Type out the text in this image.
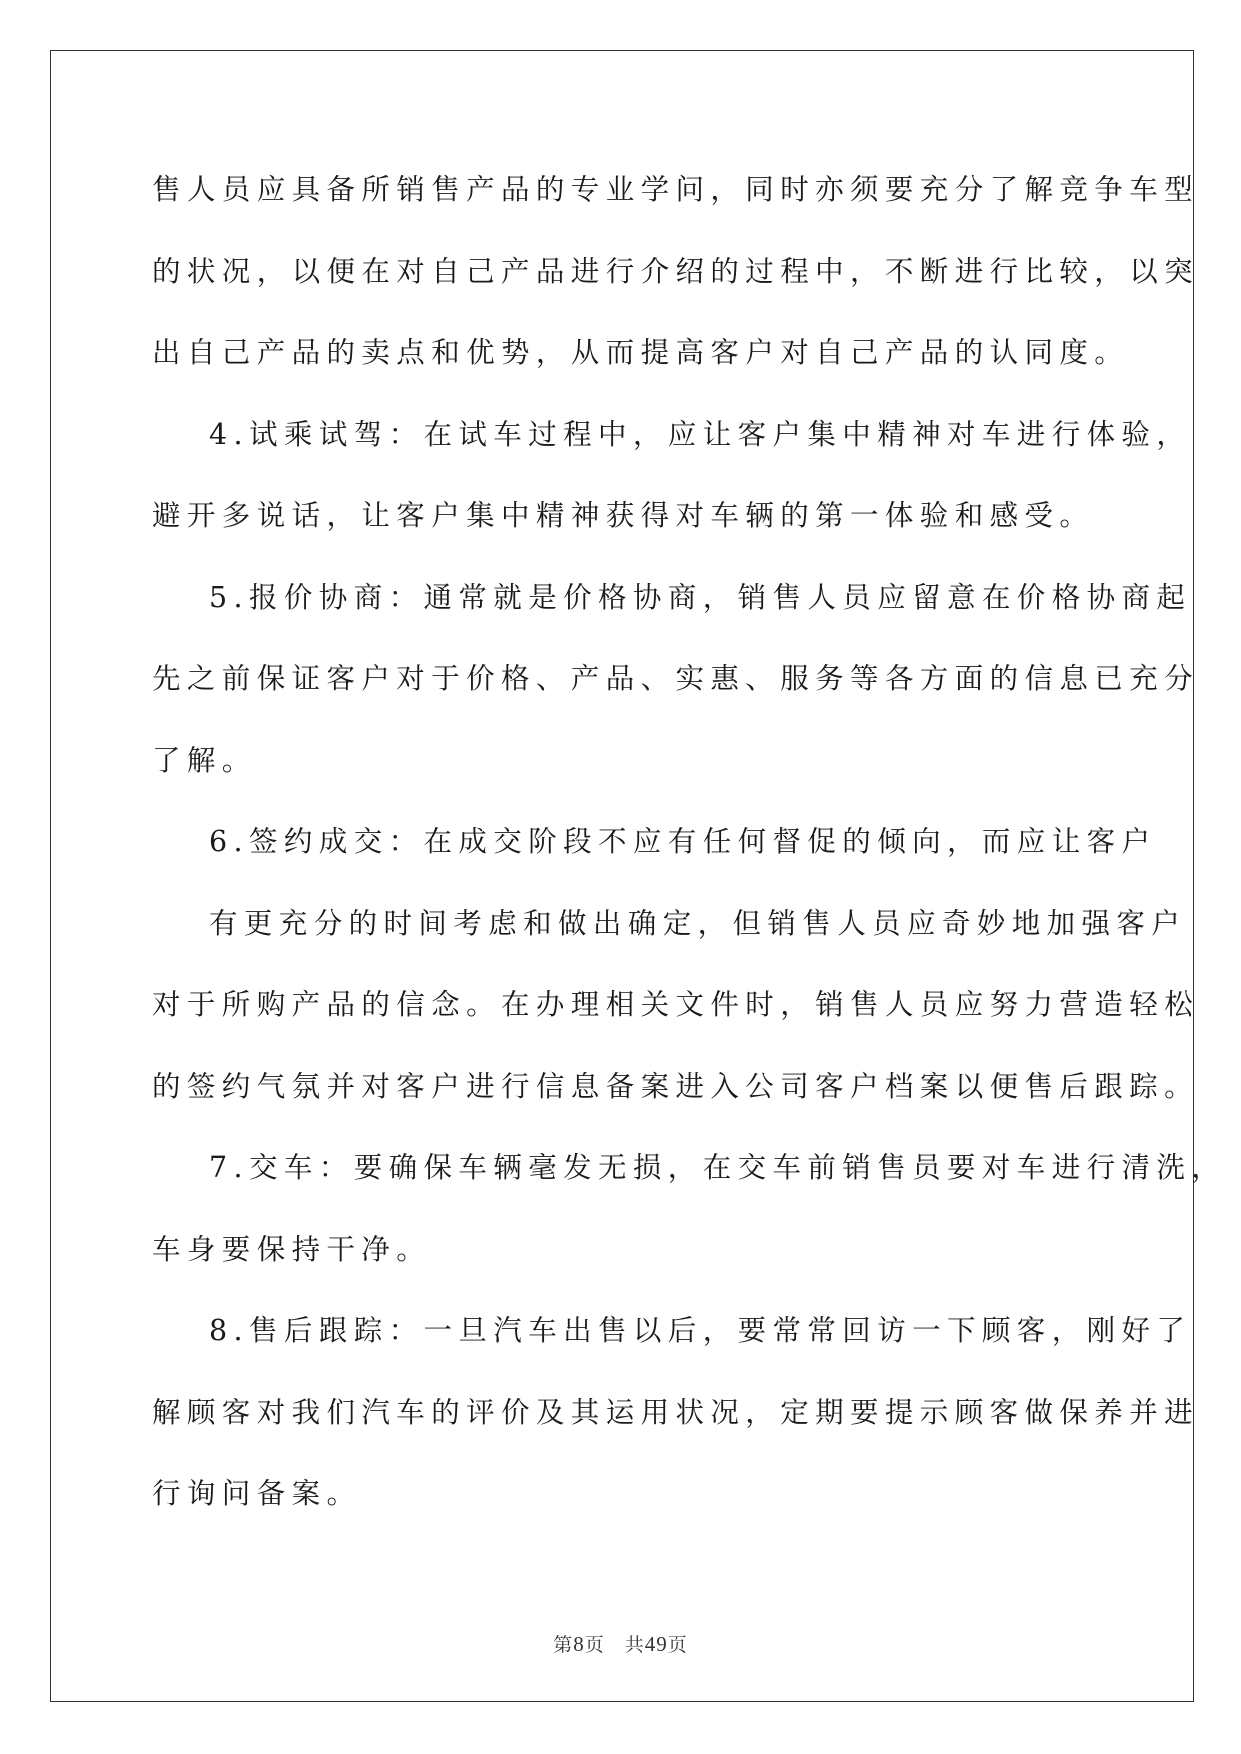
售人员应具备所销售产品的专业学问，同时亦须要充分了解竞争车型
的状况，以便在对自己产品进行介绍的过程中，不断进行比较，以突
出自己产品的卖点和优势，从而提高客户对自己产品的认同度。
4.试乘试驾：在试车过程中，应让客户集中精神对车进行体验，
避开多说话，让客户集中精神获得对车辆的第一体验和感受。
5.报价协商：通常就是价格协商，销售人员应留意在价格协商起
先之前保证客户对于价格、产品、实惠、服务等各方面的信息已充分
了解。
6.签约成交：在成交阶段不应有任何督促的倾向，而应让客户
有更充分的时间考虑和做出确定，但销售人员应奇妙地加强客户
对于所购产品的信念。在办理相关文件时，销售人员应努力营造轻松
的签约气氛并对客户进行信息备案进入公司客户档案以便售后跟踪。
7.交车：要确保车辆毫发无损，在交车前销售员要对车进行清洗，
车身要保持干净。
8.售后跟踪：一旦汽车出售以后，要常常回访一下顾客，刚好了
解顾客对我们汽车的评价及其运用状况，定期要提示顾客做保养并进
行询问备案。
第8页 共49页
